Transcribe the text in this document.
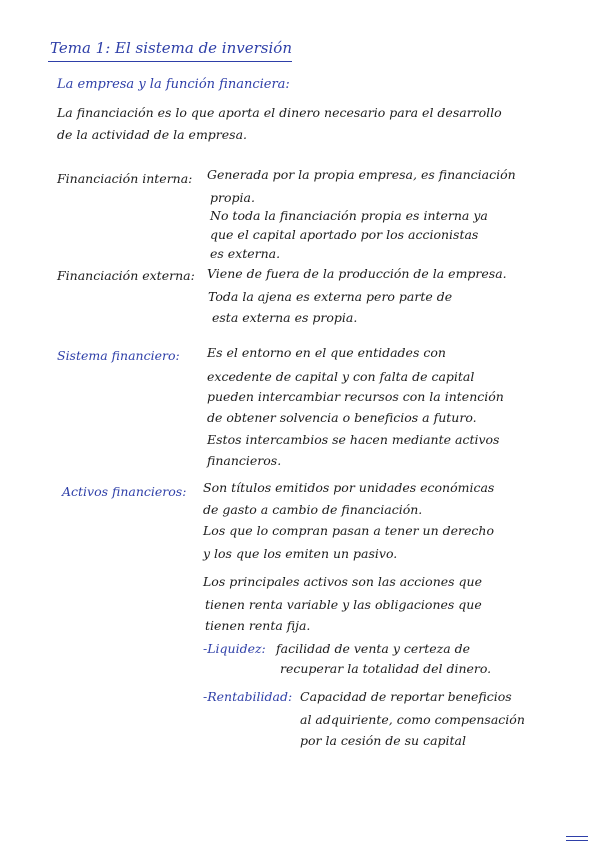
Tema 1: El sistema de inversión
La empresa y la función financiera:
La financiación es lo que aporta el dinero necesario para el desarrollo
de la actividad de la empresa.
Financiación interna: Generada por la propia empresa, es financiación
propia.
No toda la financiación propia es interna ya
que el capital aportado por los accionistas
es externa.
Financiación externa: Viene de fuera de la producción de la empresa.
Toda la ajena es externa pero parte de
esta externa es propia.
Sistema financiero: Es el entorno en el que entidades con
excedente de capital y con falta de capital
pueden intercambiar recursos con la intención
de obtener solvencia o beneficios a futuro.
Estos intercambios se hacen mediante activos
financieros.
Activos financieros: Son títulos emitidos por unidades económicas
de gasto a cambio de financiación.
Los que lo compran pasan a tener un derecho
y los que los emiten un pasivo.
Los principales activos son las acciones que
tienen renta variable y las obligaciones que
tienen renta fija.
-Liquidez: facilidad de venta y certeza de
recuperar la totalidad del dinero.
-Rentabilidad: Capacidad de reportar beneficios
al adquiriente, como compensación
por la cesión de su capital
